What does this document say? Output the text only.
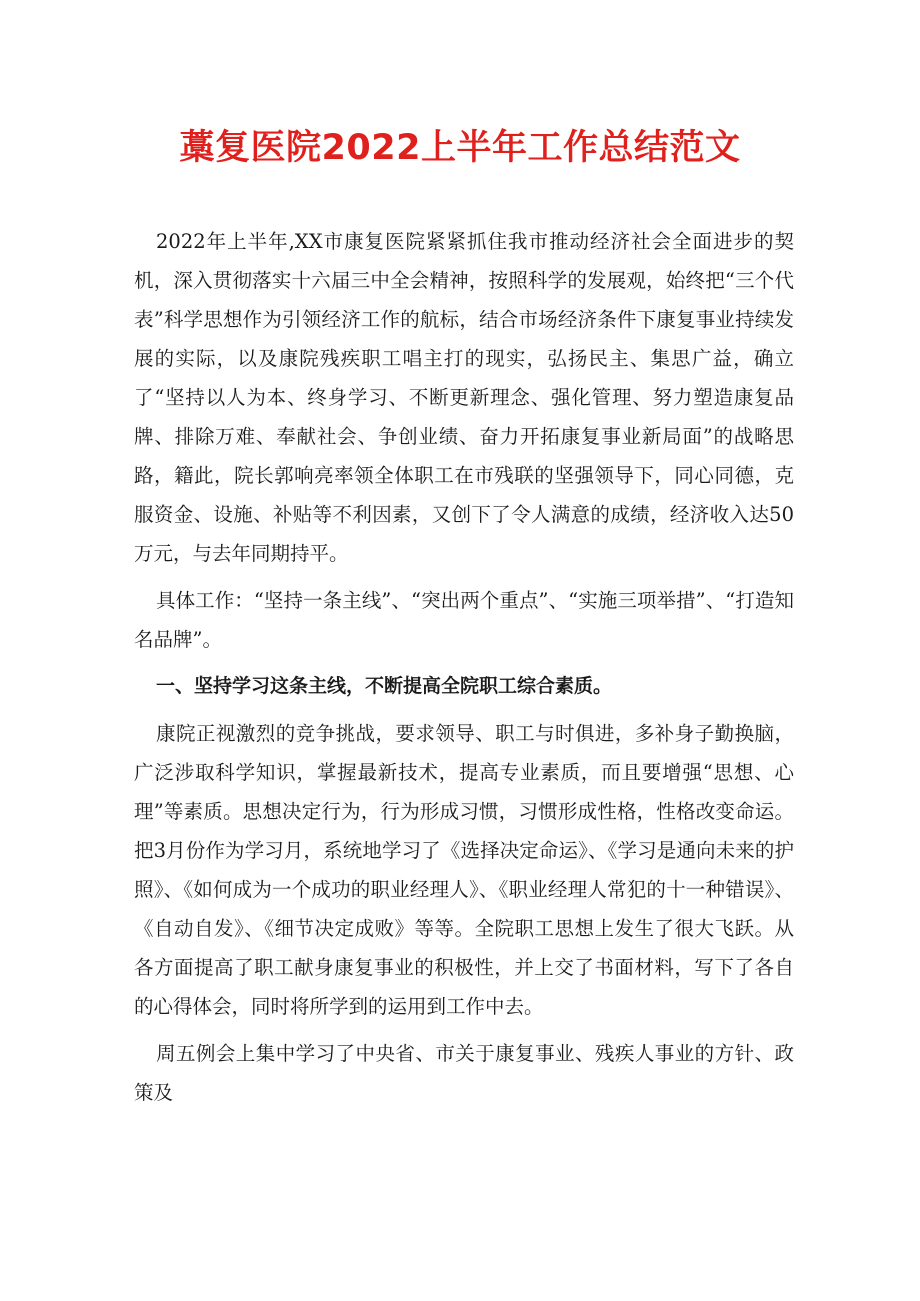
藁复医院2022上半年工作总结范文

2022年上半年,XX市康复医院紧紧抓住我市推动经济社会全面进步的契机，深入贯彻落实十六届三中全会精神，按照科学的发展观，始终把“三个代表”科学思想作为引领经济工作的航标，结合市场经济条件下康复事业持续发展的实际，以及康院残疾职工唱主打的现实，弘扬民主、集思广益，确立了“坚持以人为本、终身学习、不断更新理念、强化管理、努力塑造康复品牌、排除万难、奉献社会、争创业绩、奋力开拓康复事业新局面”的战略思路，籍此，院长郭响亮率领全体职工在市残联的坚强领导下，同心同德，克服资金、设施、补贴等不利因素，又创下了令人满意的成绩，经济收入达50万元，与去年同期持平。

具体工作：“坚持一条主线”、“突出两个重点”、“实施三项举措”、“打造知名品牌”。

一、坚持学习这条主线，不断提高全院职工综合素质。

康院正视激烈的竞争挑战，要求领导、职工与时俱进，多补身子勤换脑，广泛涉取科学知识，掌握最新技术，提高专业素质，而且要增强“思想、心理”等素质。思想决定行为，行为形成习惯，习惯形成性格，性格改变命运。把3月份作为学习月，系统地学习了《选择决定命运》、《学习是通向未来的护照》、《如何成为一个成功的职业经理人》、《职业经理人常犯的十一种错误》、《自动自发》、《细节决定成败》等等。全院职工思想上发生了很大飞跃。从各方面提高了职工献身康复事业的积极性，并上交了书面材料，写下了各自的心得体会，同时将所学到的运用到工作中去。

周五例会上集中学习了中央省、市关于康复事业、残疾人事业的方针、政策及
